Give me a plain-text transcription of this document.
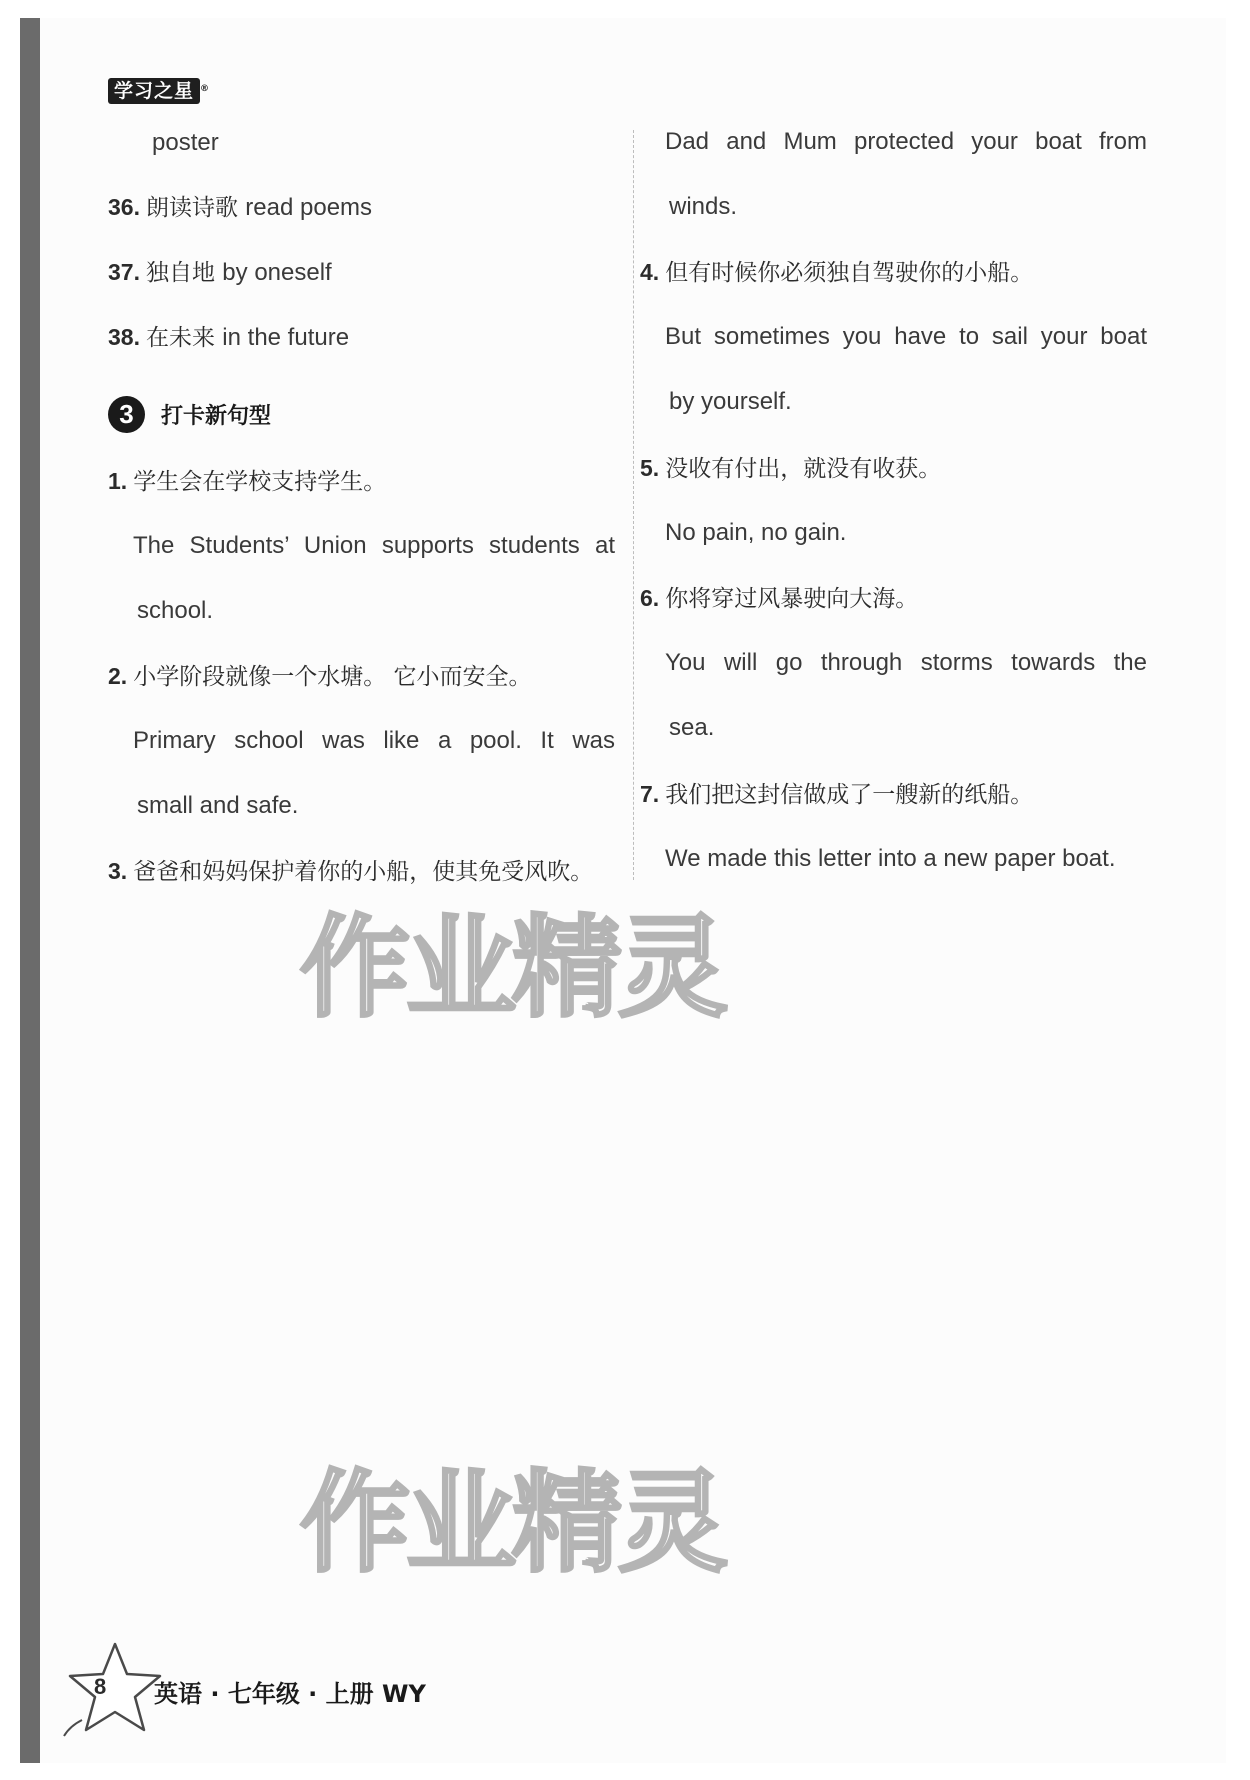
学习之星 ®
poster
36. 朗读诗歌 read poems
37. 独自地 by oneself
38. 在未来 in the future
3	打卡新句型
1. 学生会在学校支持学生。
The Students’ Union supports students at
school.
2. 小学阶段就像一个水塘。 它小而安全。
Primary school was like a pool. It was
small and safe.
3. 爸爸和妈妈保护着你的小船，使其免受风吹。
Dad and Mum protected your boat from
winds.
4. 但有时候你必须独自驾驶你的小船。
But sometimes you have to sail your boat
by yourself.
5. 没收有付出，就没有收获。
No pain, no gain.
6. 你将穿过风暴驶向大海。
You will go through storms towards the
sea.
7. 我们把这封信做成了一艘新的纸船。
We made this letter into a new paper boat.
作业精灵
作业精灵
8 英语 · 七年级 · 上册 WY
